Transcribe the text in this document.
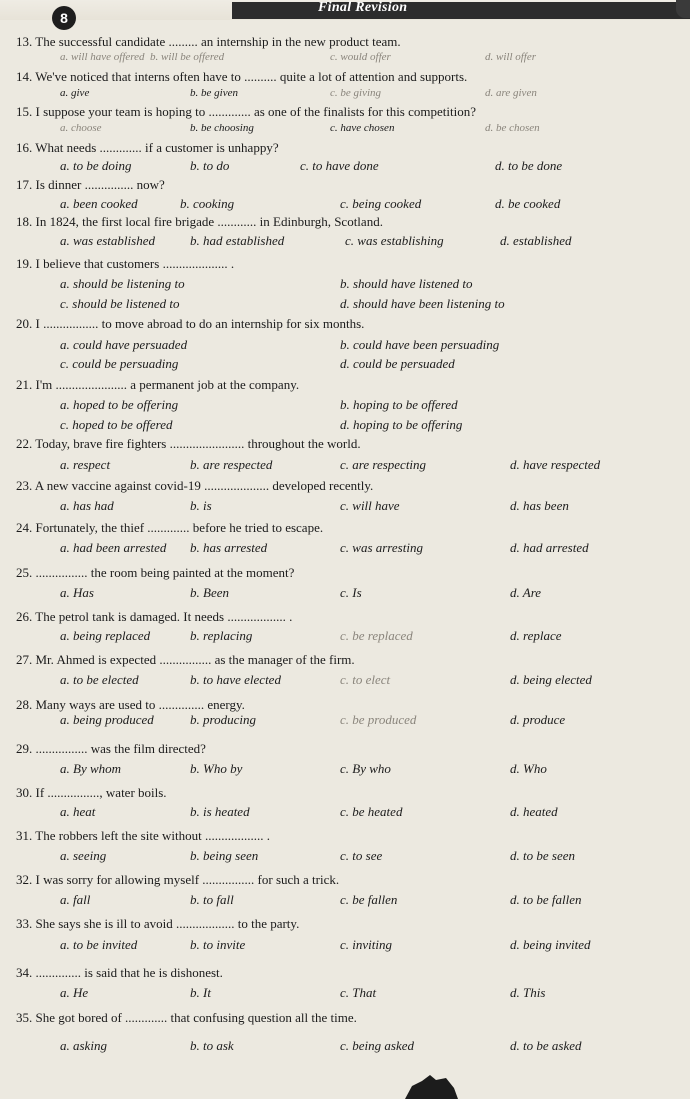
Final Revision
8
13. The successful candidate ......... an internship in the new product team.
a. will have offered b. will be offered	c. would offer	d. will offer
14. We've noticed that interns often have to .......... quite a lot of attention and supports.
a. give	b. be given	c. be giving	d. are given
15. I suppose your team is hoping to ............. as one of the finalists for this competition?
a. choose	b. be choosing	c. have chosen	d. be chosen
16. What needs ............. if a customer is unhappy?
a. to be doing	b. to do	c. to have done	d. to be done
17. Is dinner ............... now?
a. been cooked	b. cooking	c. being cooked	d. be cooked
18. In 1824, the first local fire brigade ............ in Edinburgh, Scotland.
a. was established	b. had established	c. was establishing	d. established
19. I believe that customers .................... .
a. should be listening to	b. should have listened to
c. should be listened to	d. should have been listening to
20. I ................. to move abroad to do an internship for six months.
a. could have persuaded	b. could have been persuading
c. could be persuading	d. could be persuaded
21. I'm ...................... a permanent job at the company.
a. hoped to be offering	b. hoping to be offered
c. hoped to be offered	d. hoping to be offering
22. Today, brave fire fighters ....................... throughout the world.
a. respect	b. are respected	c. are respecting	d. have respected
23. A new vaccine against covid-19 .................... developed recently.
a. has had	b. is	c. will have	d. has been
24. Fortunately, the thief ............. before he tried to escape.
a. had been arrested b. has arrested	c. was arresting	d. had arrested
25. ................ the room being painted at the moment?
a. Has	b. Been	c. Is	d. Are
26. The petrol tank is damaged. It needs .................. .
a. being replaced	b. replacing	c. be replaced	d. replace
27. Mr. Ahmed is expected ................ as the manager of the firm.
a. to be elected	b. to have elected	c. to elect	d. being elected
28. Many ways are used to .............. energy.
a. being produced	b. producing	c. be produced	d. produce
29. ................ was the film directed?
a. By whom	b. Who by	c. By who	d. Who
30. If ................, water boils.
a. heat	b. is heated	c. be heated	d. heated
31. The robbers left the site without .................. .
a. seeing	b. being seen	c. to see	d. to be seen
32. I was sorry for allowing myself ................ for such a trick.
a. fall	b. to fall	c. be fallen	d. to be fallen
33. She says she is ill to avoid .................. to the party.
a. to be invited	b. to invite	c. inviting	d. being invited
34. .............. is said that he is dishonest.
a. He	b. It	c. That	d. This
35. She got bored of ............. that confusing question all the time.
a. asking	b. to ask	c. being asked	d. to be asked
